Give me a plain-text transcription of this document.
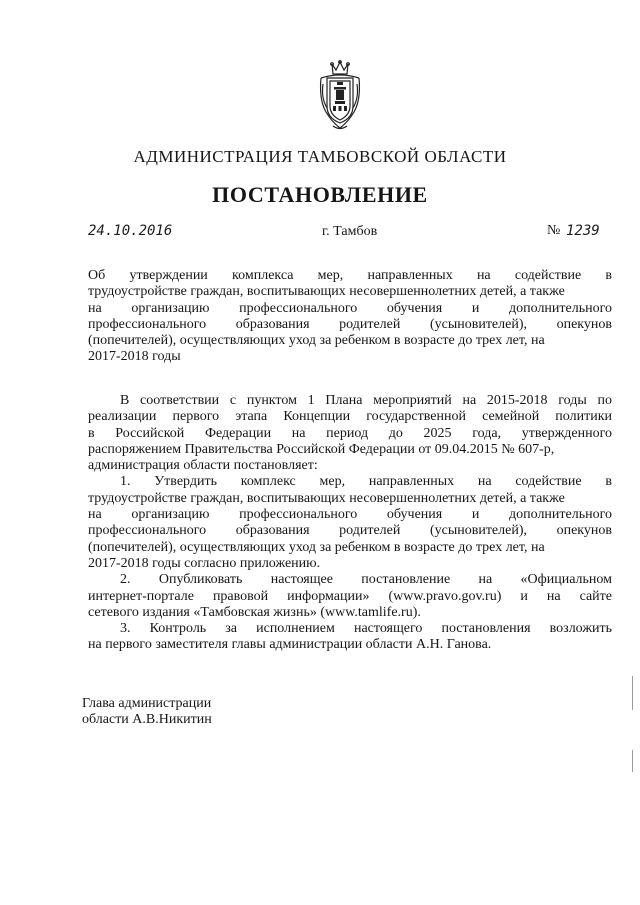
АДМИНИСТРАЦИЯ ТАМБОВСКОЙ ОБЛАСТИ
ПОСТАНОВЛЕНИЕ
24.10.2016	г. Тамбов	№ 1239
Об утверждении комплекса мер, направленных на содействие в
трудоустройстве граждан, воспитывающих несовершеннолетних детей, а также
на организацию профессионального обучения и дополнительного
профессионального образования родителей (усыновителей), опекунов
(попечителей), осуществляющих уход за ребенком в возрасте до трех лет, на
2017-2018 годы
В соответствии с пунктом 1 Плана мероприятий на 2015-2018 годы по
реализации первого этапа Концепции государственной семейной политики
в Российской Федерации на период до 2025 года, утвержденного
распоряжением Правительства Российской Федерации от 09.04.2015 № 607-р,
администрация области постановляет:
1. Утвердить комплекс мер, направленных на содействие в
трудоустройстве граждан, воспитывающих несовершеннолетних детей, а также
на организацию профессионального обучения и дополнительного
профессионального образования родителей (усыновителей), опекунов
(попечителей), осуществляющих уход за ребенком в возрасте до трех лет, на
2017-2018 годы согласно приложению.
2. Опубликовать настоящее постановление на «Официальном
интернет-портале правовой информации» (www.pravo.gov.ru) и на сайте
сетевого издания «Тамбовская жизнь» (www.tamlife.ru).
3. Контроль за исполнением настоящего постановления возложить
на первого заместителя главы администрации области А.Н. Ганова.
Глава администрации
области А.В.Никитин
